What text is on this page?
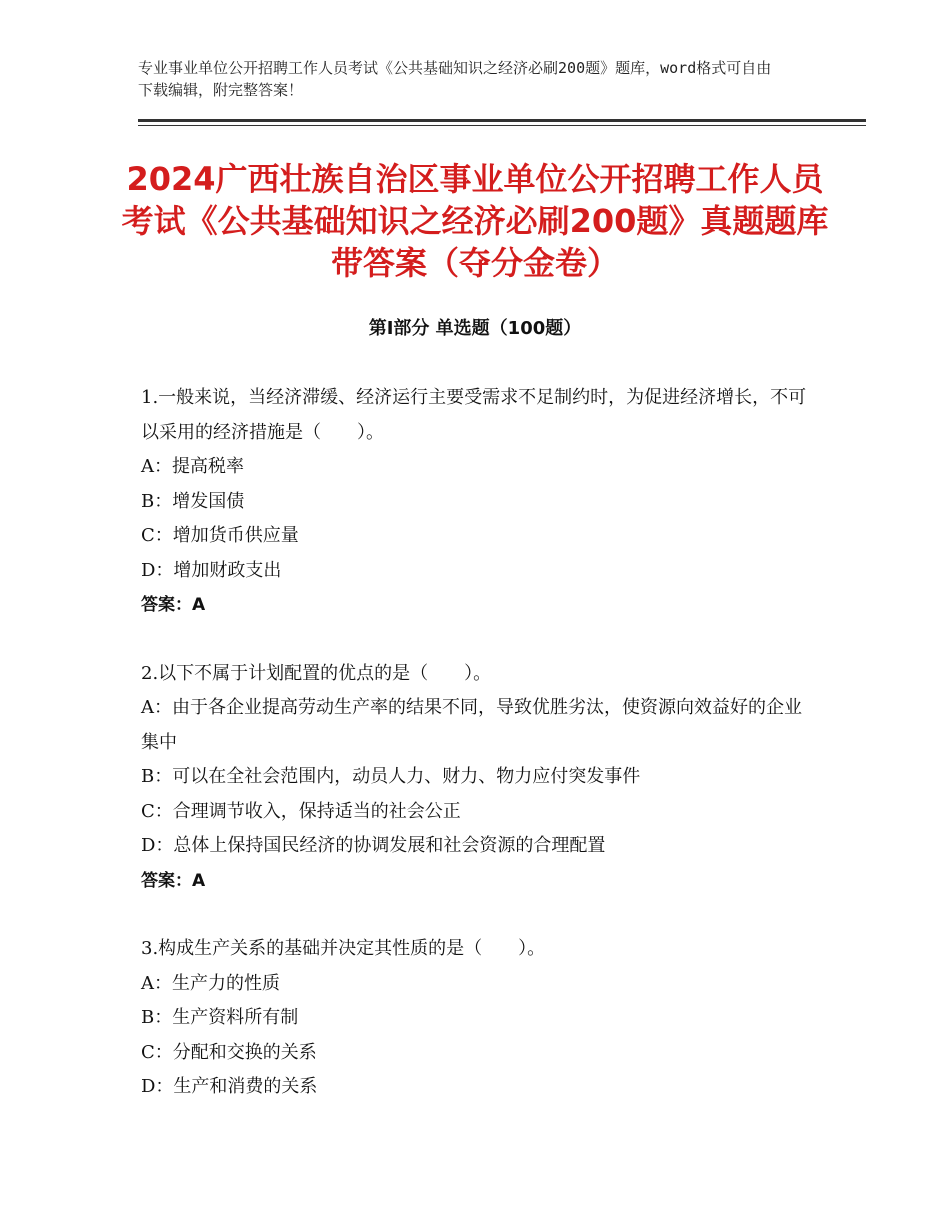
专业事业单位公开招聘工作人员考试《公共基础知识之经济必刷200题》题库，word格式可自由下载编辑，附完整答案！
2024广西壮族自治区事业单位公开招聘工作人员考试《公共基础知识之经济必刷200题》真题题库带答案（夺分金卷）
第Ⅰ部分 单选题（100题）

1.一般来说，当经济滞缓、经济运行主要受需求不足制约时，为促进经济增长，不可以采用的经济措施是（　　）。

A：提高税率

B：增发国债

C：增加货币供应量

D：增加财政支出

答案：A

2.以下不属于计划配置的优点的是（　　）。

A：由于各企业提高劳动生产率的结果不同，导致优胜劣汰，使资源向效益好的企业集中

B：可以在全社会范围内，动员人力、财力、物力应付突发事件

C：合理调节收入，保持适当的社会公正

D：总体上保持国民经济的协调发展和社会资源的合理配置

答案：A

3.构成生产关系的基础并决定其性质的是（　　）。

A：生产力的性质

B：生产资料所有制

C：分配和交换的关系

D：生产和消费的关系
